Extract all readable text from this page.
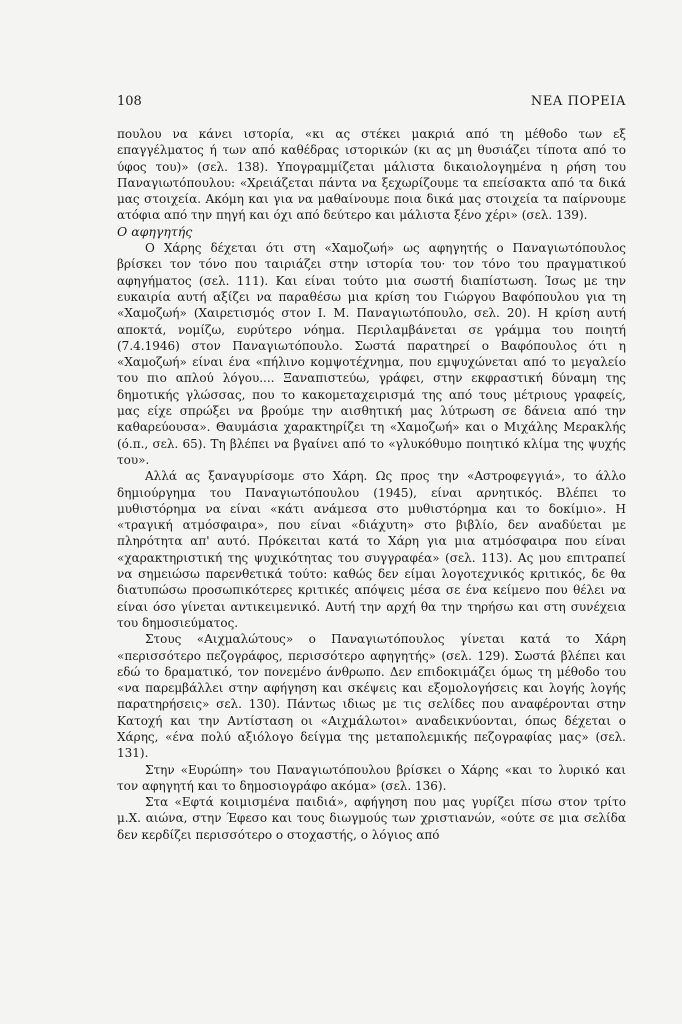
108	ΝΕΑ ΠΟΡΕΙΑ

πουλου να κάνει ιστορία, «κι ας στέκει μακριά από τη μέθοδο των εξ επαγγέλματος ή των από καθέδρας ιστορικών (κι ας μη θυσιάζει τίποτα από το ύφος του)» (σελ. 138). Υπογραμμίζεται μάλιστα δικαιολογημένα η ρήση του Παναγιωτόπουλου: «Χρειάζεται πάντα να ξεχωρίζουμε τα επείσακτα από τα δικά μας στοιχεία. Ακόμη και για να μαθαίνουμε ποια δικά μας στοιχεία τα παίρνουμε ατόφια από την πηγή και όχι από δεύτερο και μάλιστα ξένο χέρι» (σελ. 139).

Ο αφηγητής

Ο Χάρης δέχεται ότι στη «Χαμοζωή» ως αφηγητής ο Παναγιωτόπουλος βρίσκει τον τόνο που ταιριάζει στην ιστορία του· τον τόνο του πραγματικού αφηγήματος (σελ. 111). Και είναι τούτο μια σωστή διαπίστωση. Ίσως με την ευκαιρία αυτή αξίζει να παραθέσω μια κρίση του Γιώργου Βαφόπουλου για τη «Χαμοζωή» (Χαιρετισμός στον Ι. Μ. Παναγιωτόπουλο, σελ. 20). Η κρίση αυτή αποκτά, νομίζω, ευρύτερο νόημα. Περιλαμβάνεται σε γράμμα του ποιητή (7.4.1946) στον Παναγιωτόπουλο. Σωστά παρατηρεί ο Βαφόπουλος ότι η «Χαμοζωή» είναι ένα «πήλινο κομψοτέχνημα, που εμψυχώνεται από το μεγαλείο του πιο απλού λόγου.... Ξαναπιστεύω, γράφει, στην εκφραστική δύναμη της δημοτικής γλώσσας, που το κακομεταχειρισμά της από τους μέτριους γραφείς, μας είχε σπρώξει να βρούμε την αισθητική μας λύτρωση σε δάνεια από την καθαρεύουσα». Θαυμάσια χαρακτηρίζει τη «Χαμοζωή» και ο Μιχάλης Μερακλής (ό.π., σελ. 65). Τη βλέπει να βγαίνει από το «γλυκόθυμο ποιητικό κλίμα της ψυχής του».

Αλλά ας ξαναγυρίσομε στο Χάρη. Ως προς την «Αστροφεγγιά», το άλλο δημιούργημα του Παναγιωτόπουλου (1945), είναι αρνητικός. Βλέπει το μυθιστόρημα να είναι «κάτι ανάμεσα στο μυθιστόρημα και το δοκίμιο». Η «τραγική ατμόσφαιρα», που είναι «διάχυτη» στο βιβλίο, δεν αναδύεται με πληρότητα απ' αυτό. Πρόκειται κατά το Χάρη για μια ατμόσφαιρα που είναι «χαρακτηριστική της ψυχικότητας του συγγραφέα» (σελ. 113). Ας μου επιτραπεί να σημειώσω παρενθετικά τούτο: καθώς δεν είμαι λογοτεχνικός κριτικός, δε θα διατυπώσω προσωπικότερες κριτικές απόψεις μέσα σε ένα κείμενο που θέλει να είναι όσο γίνεται αντικειμενικό. Αυτή την αρχή θα την τηρήσω και στη συνέχεια του δημοσιεύματος.

Στους «Αιχμαλώτους» ο Παναγιωτόπουλος γίνεται κατά το Χάρη «περισσότερο πεζογράφος, περισσότερο αφηγητής» (σελ. 129). Σωστά βλέπει και εδώ το δραματικό, τον πονεμένο άνθρωπο. Δεν επιδοκιμάζει όμως τη μέθοδο του «να παρεμβάλλει στην αφήγηση και σκέψεις και εξομολογήσεις και λογής λογής παρατηρήσεις» σελ. 130). Πάντως ιδιως με τις σελίδες που αναφέρονται στην Κατοχή και την Αντίσταση οι «Αιχμάλωτοι» αναδεικνύονται, όπως δέχεται ο Χάρης, «ένα πολύ αξιόλογο δείγμα της μεταπολεμικής πεζογραφίας μας» (σελ. 131).

Στην «Ευρώπη» του Παναγιωτόπουλου βρίσκει ο Χάρης «και το λυρικό και τον αφηγητή και το δημοσιογράφο ακόμα» (σελ. 136).

Στα «Εφτά κοιμισμένα παιδιά», αφήγηση που μας γυρίζει πίσω στον τρίτο μ.Χ. αιώνα, στην Έφεσο και τους διωγμούς των χριστιανών, «ούτε σε μια σελίδα δεν κερδίζει περισσότερο ο στοχαστής, ο λόγιος από
